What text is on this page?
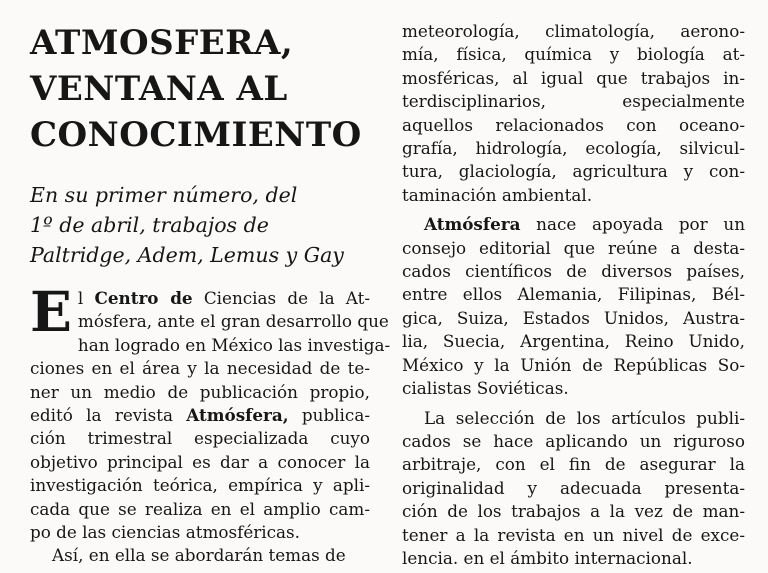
ATMOSFERA,
VENTANA AL
CONOCIMIENTO
En su primer número, del
1º de abril, trabajos de
Paltridge, Adem, Lemus y Gay
E l Centro de Ciencias de la At-
mósfera, ante el gran desarrollo que
han logrado en México las investiga-
ciones en el área y la necesidad de te-
ner un medio de publicación propio,
editó la revista Atmósfera, publica-
ción trimestral especializada cuyo
objetivo principal es dar a conocer la
investigación teórica, empírica y apli-
cada que se realiza en el amplio cam-
po de las ciencias atmosféricas.
Así, en ella se abordarán temas de
meteorología, climatología, aerono-
mía, física, química y biología at-
mosféricas, al igual que trabajos in-
terdisciplinarios, especialmente
aquellos relacionados con oceano-
grafía, hidrología, ecología, silvicul-
tura, glaciología, agricultura y con-
taminación ambiental.
Atmósfera nace apoyada por un
consejo editorial que reúne a desta-
cados científicos de diversos países,
entre ellos Alemania, Filipinas, Bél-
gica, Suiza, Estados Unidos, Austra-
lia, Suecia, Argentina, Reino Unido,
México y la Unión de Repúblicas So-
cialistas Soviéticas.
La selección de los artículos publi-
cados se hace aplicando un riguroso
arbitraje, con el fin de asegurar la
originalidad y adecuada presenta-
ción de los trabajos a la vez de man-
tener a la revista en un nivel de exce-
lencia. en el ámbito internacional.
